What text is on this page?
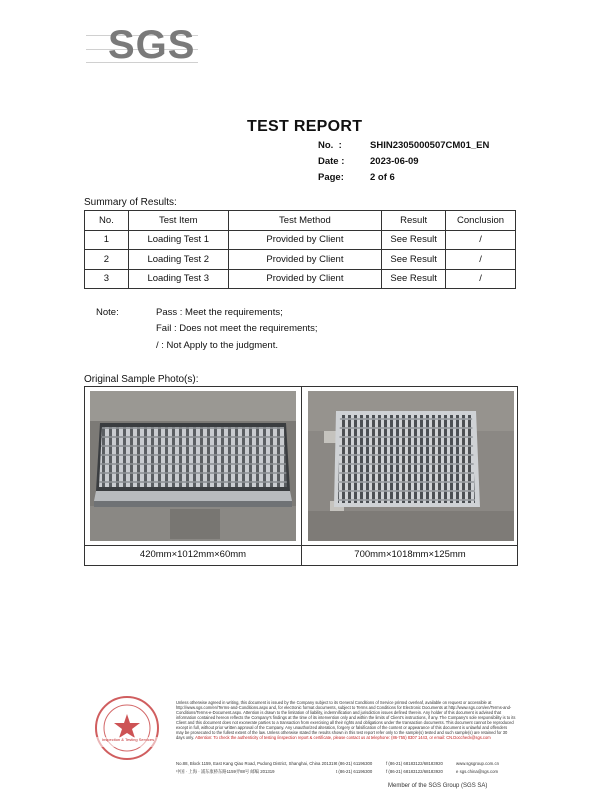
SGS
TEST REPORT
No. :	SHIN2305000507CM01_EN
Date :	2023-06-09
Page:	2 of 6
Summary of Results:
No.	Test Item	Test Method	Result	Conclusion
1	Loading Test 1	Provided by Client	See Result	/
2	Loading Test 2	Provided by Client	See Result	/
3	Loading Test 3	Provided by Client	See Result	/
Note:	Pass : Meet the requirements;
Fail : Does not meet the requirements;
/ : Not Apply to the judgment.
Original Sample Photo(s):
420mm×1012mm×60mm	700mm×1018mm×125mm
Inspection & Testing Services
Unless otherwise agreed in writing, this document is issued by the Company subject to its General Conditions of Service printed overleaf, available on request or accessible at http://www.sgs.com/en/Terms-and-Conditions.aspx and, for electronic format documents, subject to Terms and Conditions for Electronic Documents at http://www.sgs.com/en/Terms-and-Conditions/Terms-e-Document.aspx. Attention is drawn to the limitation of liability, indemnification and jurisdiction issues defined therein. Any holder of this document is advised that information contained hereon reflects the Company's findings at the time of its intervention only and within the limits of Client's instructions, if any. The Company's sole responsibility is to its Client and this document does not exonerate parties to a transaction from exercising all their rights and obligations under the transaction documents. This document cannot be reproduced except in full, without prior written approval of the Company. Any unauthorized alteration, forgery or falsification of the content or appearance of this document is unlawful and offenders may be prosecuted to the fullest extent of the law. Unless otherwise stated the results shown in this test report refer only to the sample(s) tested and such sample(s) are retained for 30 days only. Attention: To check the authenticity of testing /inspection report & certificate, please contact us at telephone: (86-755) 8307 1443, or email: CN.Doccheck@sgs.com
No.88, Block 1159, East Kang Qiao Road, Pudong District, Shanghai, China 201319
中国 · 上海 · 浦东康桥东路1159弄88号 邮编 201319
t (86-21) 61196300
t (86-21) 61196300
f (86-21) 68183122/68183920
f (86-21) 68183122/68183920
www.sgsgroup.com.cn
e sgs.china@sgs.com
Member of the SGS Group (SGS SA)
